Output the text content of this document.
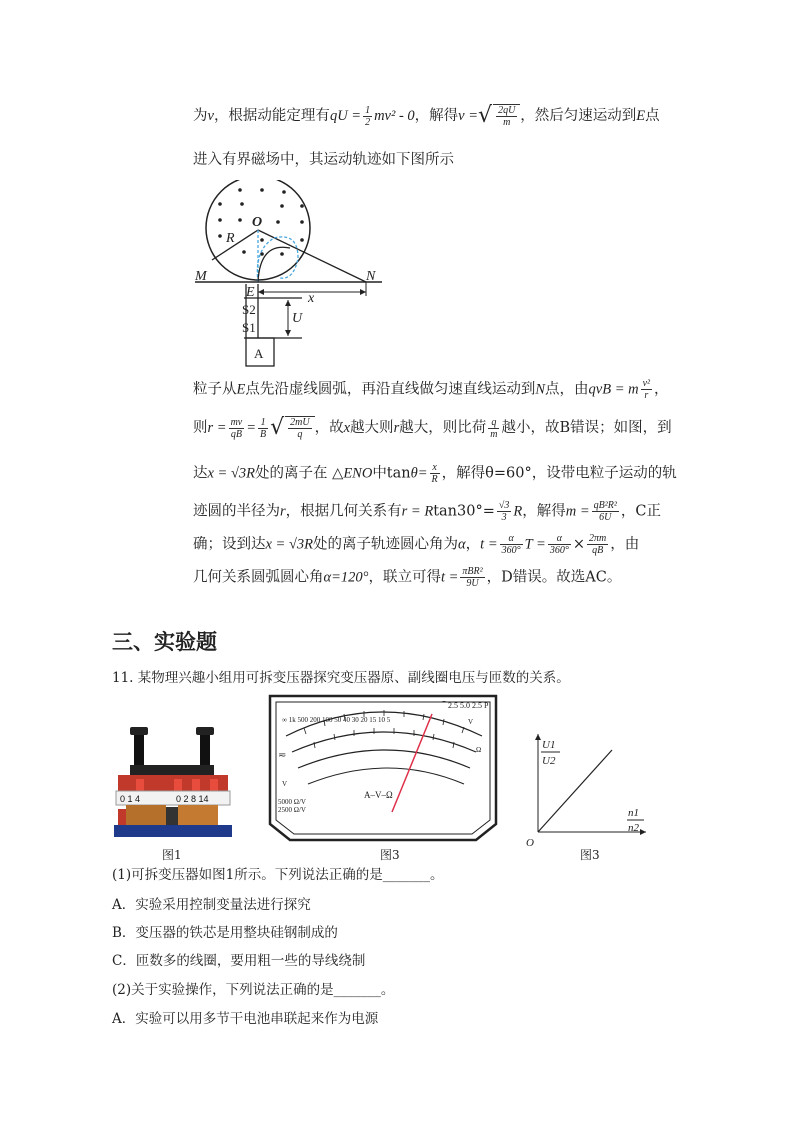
为v，根据动能定理有qU = $\frac{1}{2} mv^2 - 0$，解得v =√ $\frac{2qU}{m}$ ，然后匀速运动到E点
进入有界磁场中，其运动轨迹如下图所示
O
R
M	N
E	x
U
S2
S1
A
粒子从E点先沿虚线圆弧，再沿直线做匀速直线运动到N点，由qvB = m $\frac{\text{v²}}{r}$ ，
则$r = \frac{mv}{qB} = \frac{1}{B}$ √ $\frac{2mU}{q}$ ，故x越大则r越大，则比荷 $\frac{q}{m}$ 越小，故B错误；如图，到
达x = √3R处的离子在 △ENO中$\tan\theta= \frac{x}{R}$ ，解得θ=60°，设带电粒子运动的轨
迹圆的半径为r，根据几何关系有$r = Rtan30^\circ= \frac{√3}{3}$ R，解得$m = \frac{\text{qB²R²}}{6U}$ ，C正
确；设到达x = √3R处的离子轨迹圆心角为α，$t = \frac{\alpha}{360^\circ}$ $T = \frac{\alpha}{360^\circ} \times \frac{2\pi m}{qB}$ ，由
几何关系圆弧圆心角α=120°，联立可得t = πBR²
9U ，D错误。故选AC。
三、实验题
11. 某物理兴趣小组用可拆变压器探究变压器原、副线圈电压与匝数的关系。
0 1 4	0 2 8 14
图1
∞ 1k 500 200 100 50 40 30 20 15 10 5
⌒2.5 5.0 2.5 P
V
Ω
≂
V
A–V–Ω
5000 Ω/V
2500 Ω/V
图3
U1
U2
n1
n2
O
图3
(1)可拆变压器如图1所示。下列说法正确的是_______。
A．实验采用控制变量法进行探究
B．变压器的铁芯是用整块硅钢制成的
C．匝数多的线圈，要用粗一些的导线绕制
(2)关于实验操作，下列说法正确的是_______。
A．实验可以用多节干电池串联起来作为电源
